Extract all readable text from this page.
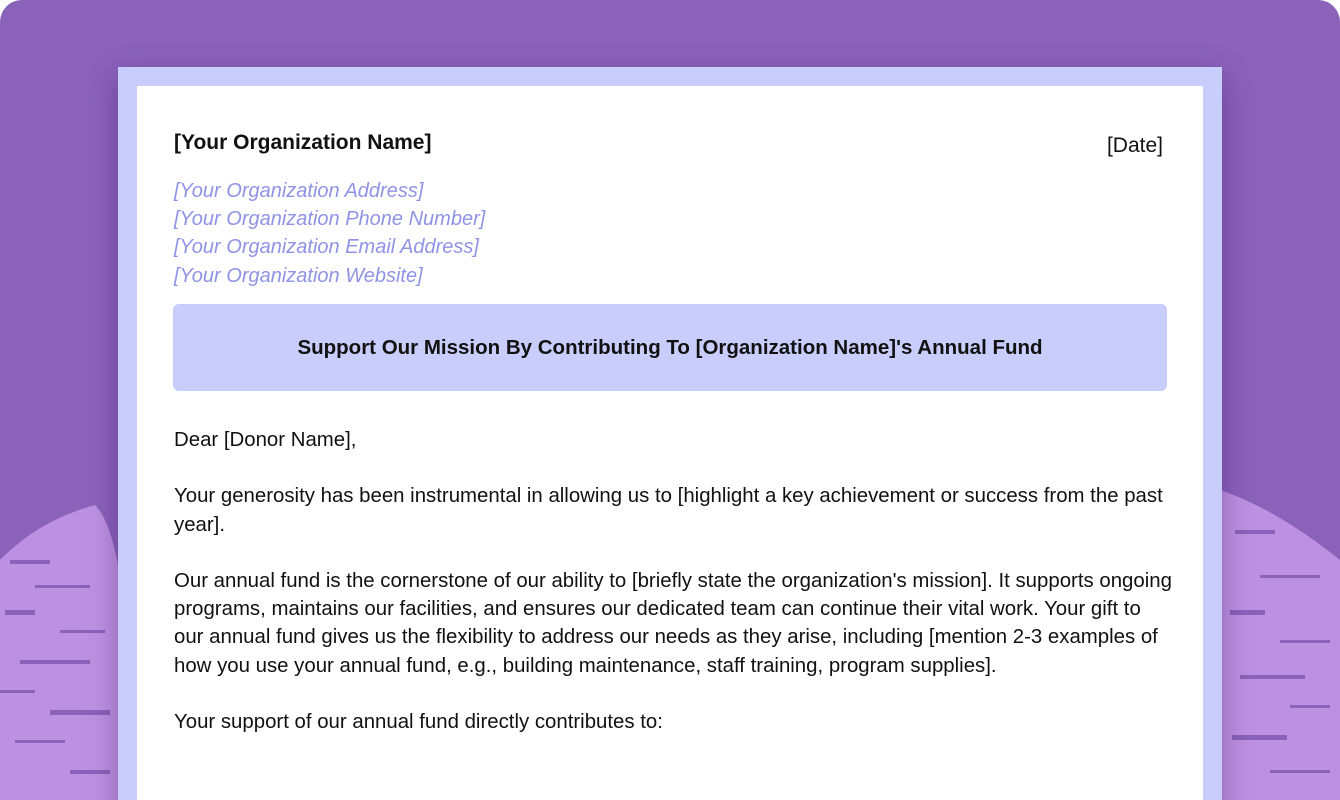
[Your Organization Name]	[Date]
[Your Organization Address]
[Your Organization Phone Number]
[Your Organization Email Address]
[Your Organization Website]
Support Our Mission By Contributing To [Organization Name]'s Annual Fund

Dear [Donor Name],

Your generosity has been instrumental in allowing us to [highlight a key achievement or success from the past year].

Our annual fund is the cornerstone of our ability to [briefly state the organization's mission]. It supports ongoing programs, maintains our facilities, and ensures our dedicated team can continue their vital work. Your gift to our annual fund gives us the flexibility to address our needs as they arise, including [mention 2-3 examples of how you use your annual fund, e.g., building maintenance, staff training, program supplies].

Your support of our annual fund directly contributes to:
